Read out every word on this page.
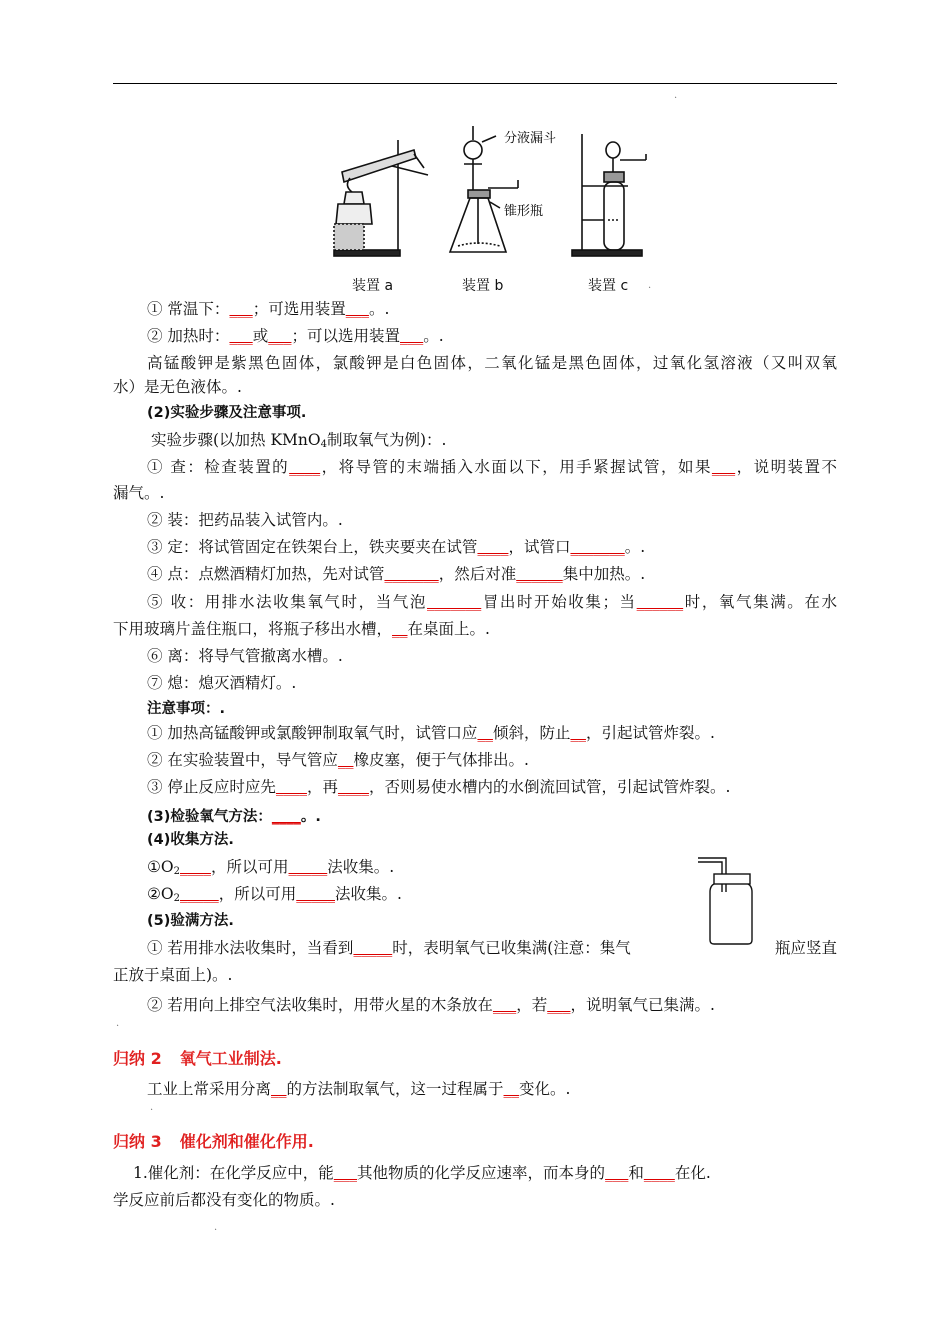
.
分液漏斗
锥形瓶
装置 a	装置 b	装置 c .
① 常温下：___；可选用装置___。.
② 加热时：___或___；可以选用装置___。.
高锰酸钾是紫黑色固体，氯酸钾是白色固体，二氧化锰是黑色固体，过氧化氢溶液（又叫双氧
水）是无色液体。.
(2)实验步骤及注意事项.
实验步骤(以加热 KMnO$_4$制取氧气为例)：.
① 查：检查装置的____，将导管的末端插入水面以下，用手紧握试管，如果___，说明装置不
漏气。.
② 装：把药品装入试管内。.
③ 定：将试管固定在铁架台上，铁夹要夹在试管____，试管口_______。.
④ 点：点燃酒精灯加热，先对试管_______，然后对准______集中加热。.
⑤ 收：用排水法收集氧气时，当气泡_______冒出时开始收集；当______时，氧气集满。在水
下用玻璃片盖住瓶口，将瓶子移出水槽，__在桌面上。.
⑥ 离：将导气管撤离水槽。.
⑦ 熄：熄灭酒精灯。.
注意事项：.
① 加热高锰酸钾或氯酸钾制取氧气时，试管口应__倾斜，防止__，引起试管炸裂。.
② 在实验装置中，导气管应__橡皮塞，便于气体排出。.
③ 停止反应时应先____，再____，否则易使水槽内的水倒流回试管，引起试管炸裂。.
(3)检验氧气方法：____。.
(4)收集方法.
$①O_2\_\_\_\_$，所以可用_____法收集。.
$②O_2\_\_\_\_\_$，所以可用_____法收集。.
(5)验满方法.
① 若用排水法收集时，当看到_____时，表明氧气已收集满(注意：集气	瓶应竖直
正放于桌面上)。.
② 若用向上排空气法收集时，用带火星的木条放在___，若___，说明氧气已集满。.
.
归纳 2 氧气工业制法.
工业上常采用分离__的方法制取氧气，这一过程属于__变化。.
.
归纳 3 催化剂和催化作用.
1.催化剂：在化学反应中，能___其他物质的化学反应速率，而本身的___和____在化.
学反应前后都没有变化的物质。.
.
